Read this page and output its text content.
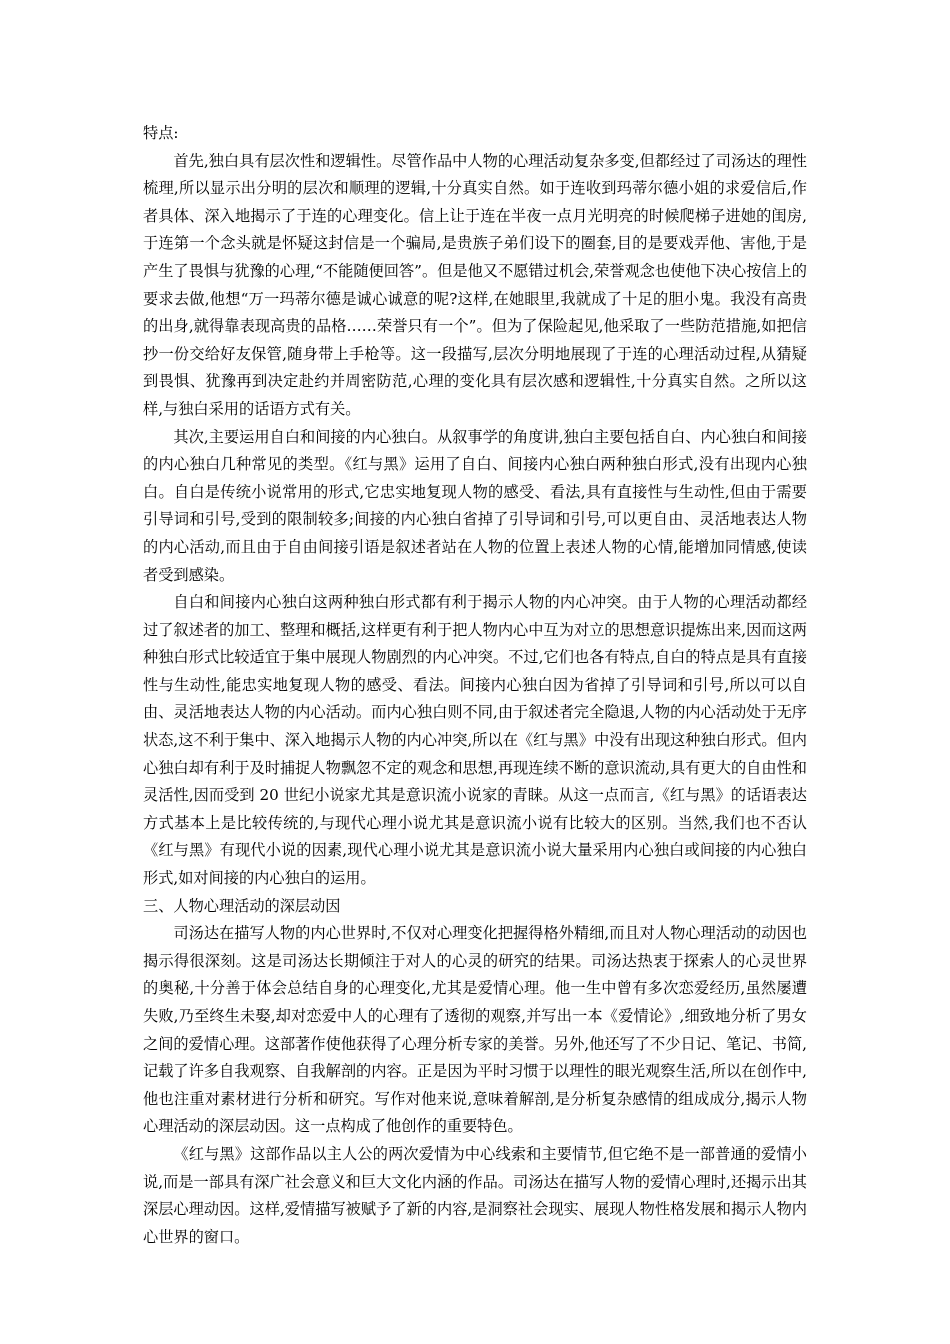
特点:

首先,独白具有层次性和逻辑性。尽管作品中人物的心理活动复杂多变,但都经过了司汤达的理性梳理,所以显示出分明的层次和顺理的逻辑,十分真实自然。如于连收到玛蒂尔德小姐的求爱信后,作者具体、深入地揭示了于连的心理变化。信上让于连在半夜一点月光明亮的时候爬梯子进她的闺房,于连第一个念头就是怀疑这封信是一个骗局,是贵族子弟们设下的圈套,目的是要戏弄他、害他,于是产生了畏惧与犹豫的心理,“不能随便回答”。但是他又不愿错过机会,荣誉观念也使他下决心按信上的要求去做,他想“万一玛蒂尔德是诚心诚意的呢?这样,在她眼里,我就成了十足的胆小鬼。我没有高贵的出身,就得靠表现高贵的品格……荣誉只有一个”。但为了保险起见,他采取了一些防范措施,如把信抄一份交给好友保管,随身带上手枪等。这一段描写,层次分明地展现了于连的心理活动过程,从猜疑到畏惧、犹豫再到决定赴约并周密防范,心理的变化具有层次感和逻辑性,十分真实自然。之所以这样,与独白采用的话语方式有关。

其次,主要运用自白和间接的内心独白。从叙事学的角度讲,独白主要包括自白、内心独白和间接的内心独白几种常见的类型。《红与黑》运用了自白、间接内心独白两种独白形式,没有出现内心独白。自白是传统小说常用的形式,它忠实地复现人物的感受、看法,具有直接性与生动性,但由于需要引导词和引号,受到的限制较多;间接的内心独白省掉了引导词和引号,可以更自由、灵活地表达人物的内心活动,而且由于自由间接引语是叙述者站在人物的位置上表述人物的心情,能增加同情感,使读者受到感染。

自白和间接内心独白这两种独白形式都有利于揭示人物的内心冲突。由于人物的心理活动都经过了叙述者的加工、整理和概括,这样更有利于把人物内心中互为对立的思想意识提炼出来,因而这两种独白形式比较适宜于集中展现人物剧烈的内心冲突。不过,它们也各有特点,自白的特点是具有直接性与生动性,能忠实地复现人物的感受、看法。间接内心独白因为省掉了引导词和引号,所以可以自由、灵活地表达人物的内心活动。而内心独白则不同,由于叙述者完全隐退,人物的内心活动处于无序状态,这不利于集中、深入地揭示人物的内心冲突,所以在《红与黑》中没有出现这种独白形式。但内心独白却有利于及时捕捉人物飘忽不定的观念和思想,再现连续不断的意识流动,具有更大的自由性和灵活性,因而受到 20 世纪小说家尤其是意识流小说家的青睐。从这一点而言,《红与黑》的话语表达方式基本上是比较传统的,与现代心理小说尤其是意识流小说有比较大的区别。当然,我们也不否认《红与黑》有现代小说的因素,现代心理小说尤其是意识流小说大量采用内心独白或间接的内心独白形式,如对间接的内心独白的运用。

三、人物心理活动的深层动因

司汤达在描写人物的内心世界时,不仅对心理变化把握得格外精细,而且对人物心理活动的动因也揭示得很深刻。这是司汤达长期倾注于对人的心灵的研究的结果。司汤达热衷于探索人的心灵世界的奥秘,十分善于体会总结自身的心理变化,尤其是爱情心理。他一生中曾有多次恋爱经历,虽然屡遭失败,乃至终生未娶,却对恋爱中人的心理有了透彻的观察,并写出一本《爱情论》,细致地分析了男女之间的爱情心理。这部著作使他获得了心理分析专家的美誉。另外,他还写了不少日记、笔记、书简,记载了许多自我观察、自我解剖的内容。正是因为平时习惯于以理性的眼光观察生活,所以在创作中,他也注重对素材进行分析和研究。写作对他来说,意味着解剖,是分析复杂感情的组成成分,揭示人物心理活动的深层动因。这一点构成了他创作的重要特色。

《红与黑》这部作品以主人公的两次爱情为中心线索和主要情节,但它绝不是一部普通的爱情小说,而是一部具有深广社会意义和巨大文化内涵的作品。司汤达在描写人物的爱情心理时,还揭示出其深层心理动因。这样,爱情描写被赋予了新的内容,是洞察社会现实、展现人物性格发展和揭示人物内心世界的窗口。
